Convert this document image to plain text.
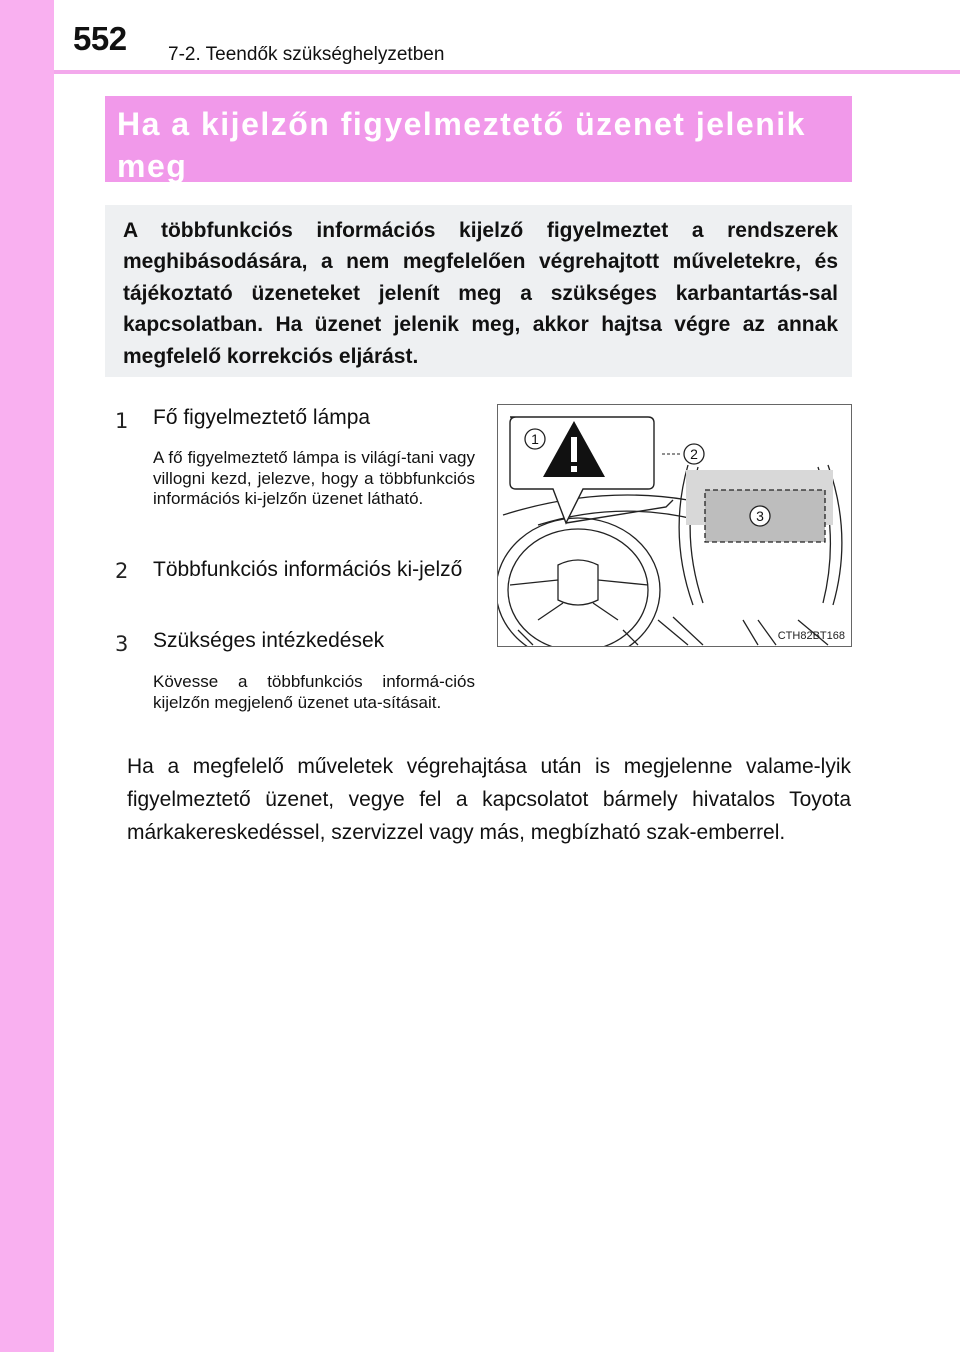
552 7-2. Teendők szükséghelyzetben
Ha a kijelzőn figyelmeztető üzenet jelenik meg

A többfunkciós információs kijelző figyelmeztet a rendszerek meghibásodására, a nem megfelelően végrehajtott műveletekre, és tájékoztató üzeneteket jelenít meg a szükséges karbantartás-sal kapcsolatban. Ha üzenet jelenik meg, akkor hajtsa végre az annak megfelelő korrekciós eljárást.

1	Fő figyelmeztető lámpa
A fő figyelmeztető lámpa is világí-tani vagy villogni kezd, jelezve, hogy a többfunkciós információs ki-jelzőn üzenet látható.
2	Többfunkciós információs ki-jelző
3	Szükséges intézkedések
Kövesse a többfunkciós informá-ciós kijelzőn megjelenő üzenet uta-sításait.
1
2
3
CTH82BT168
Ha a megfelelő műveletek végrehajtása után is megjelenne valame-lyik figyelmeztető üzenet, vegye fel a kapcsolatot bármely hivatalos Toyota márkakereskedéssel, szervizzel vagy más, megbízható szak-emberrel.
